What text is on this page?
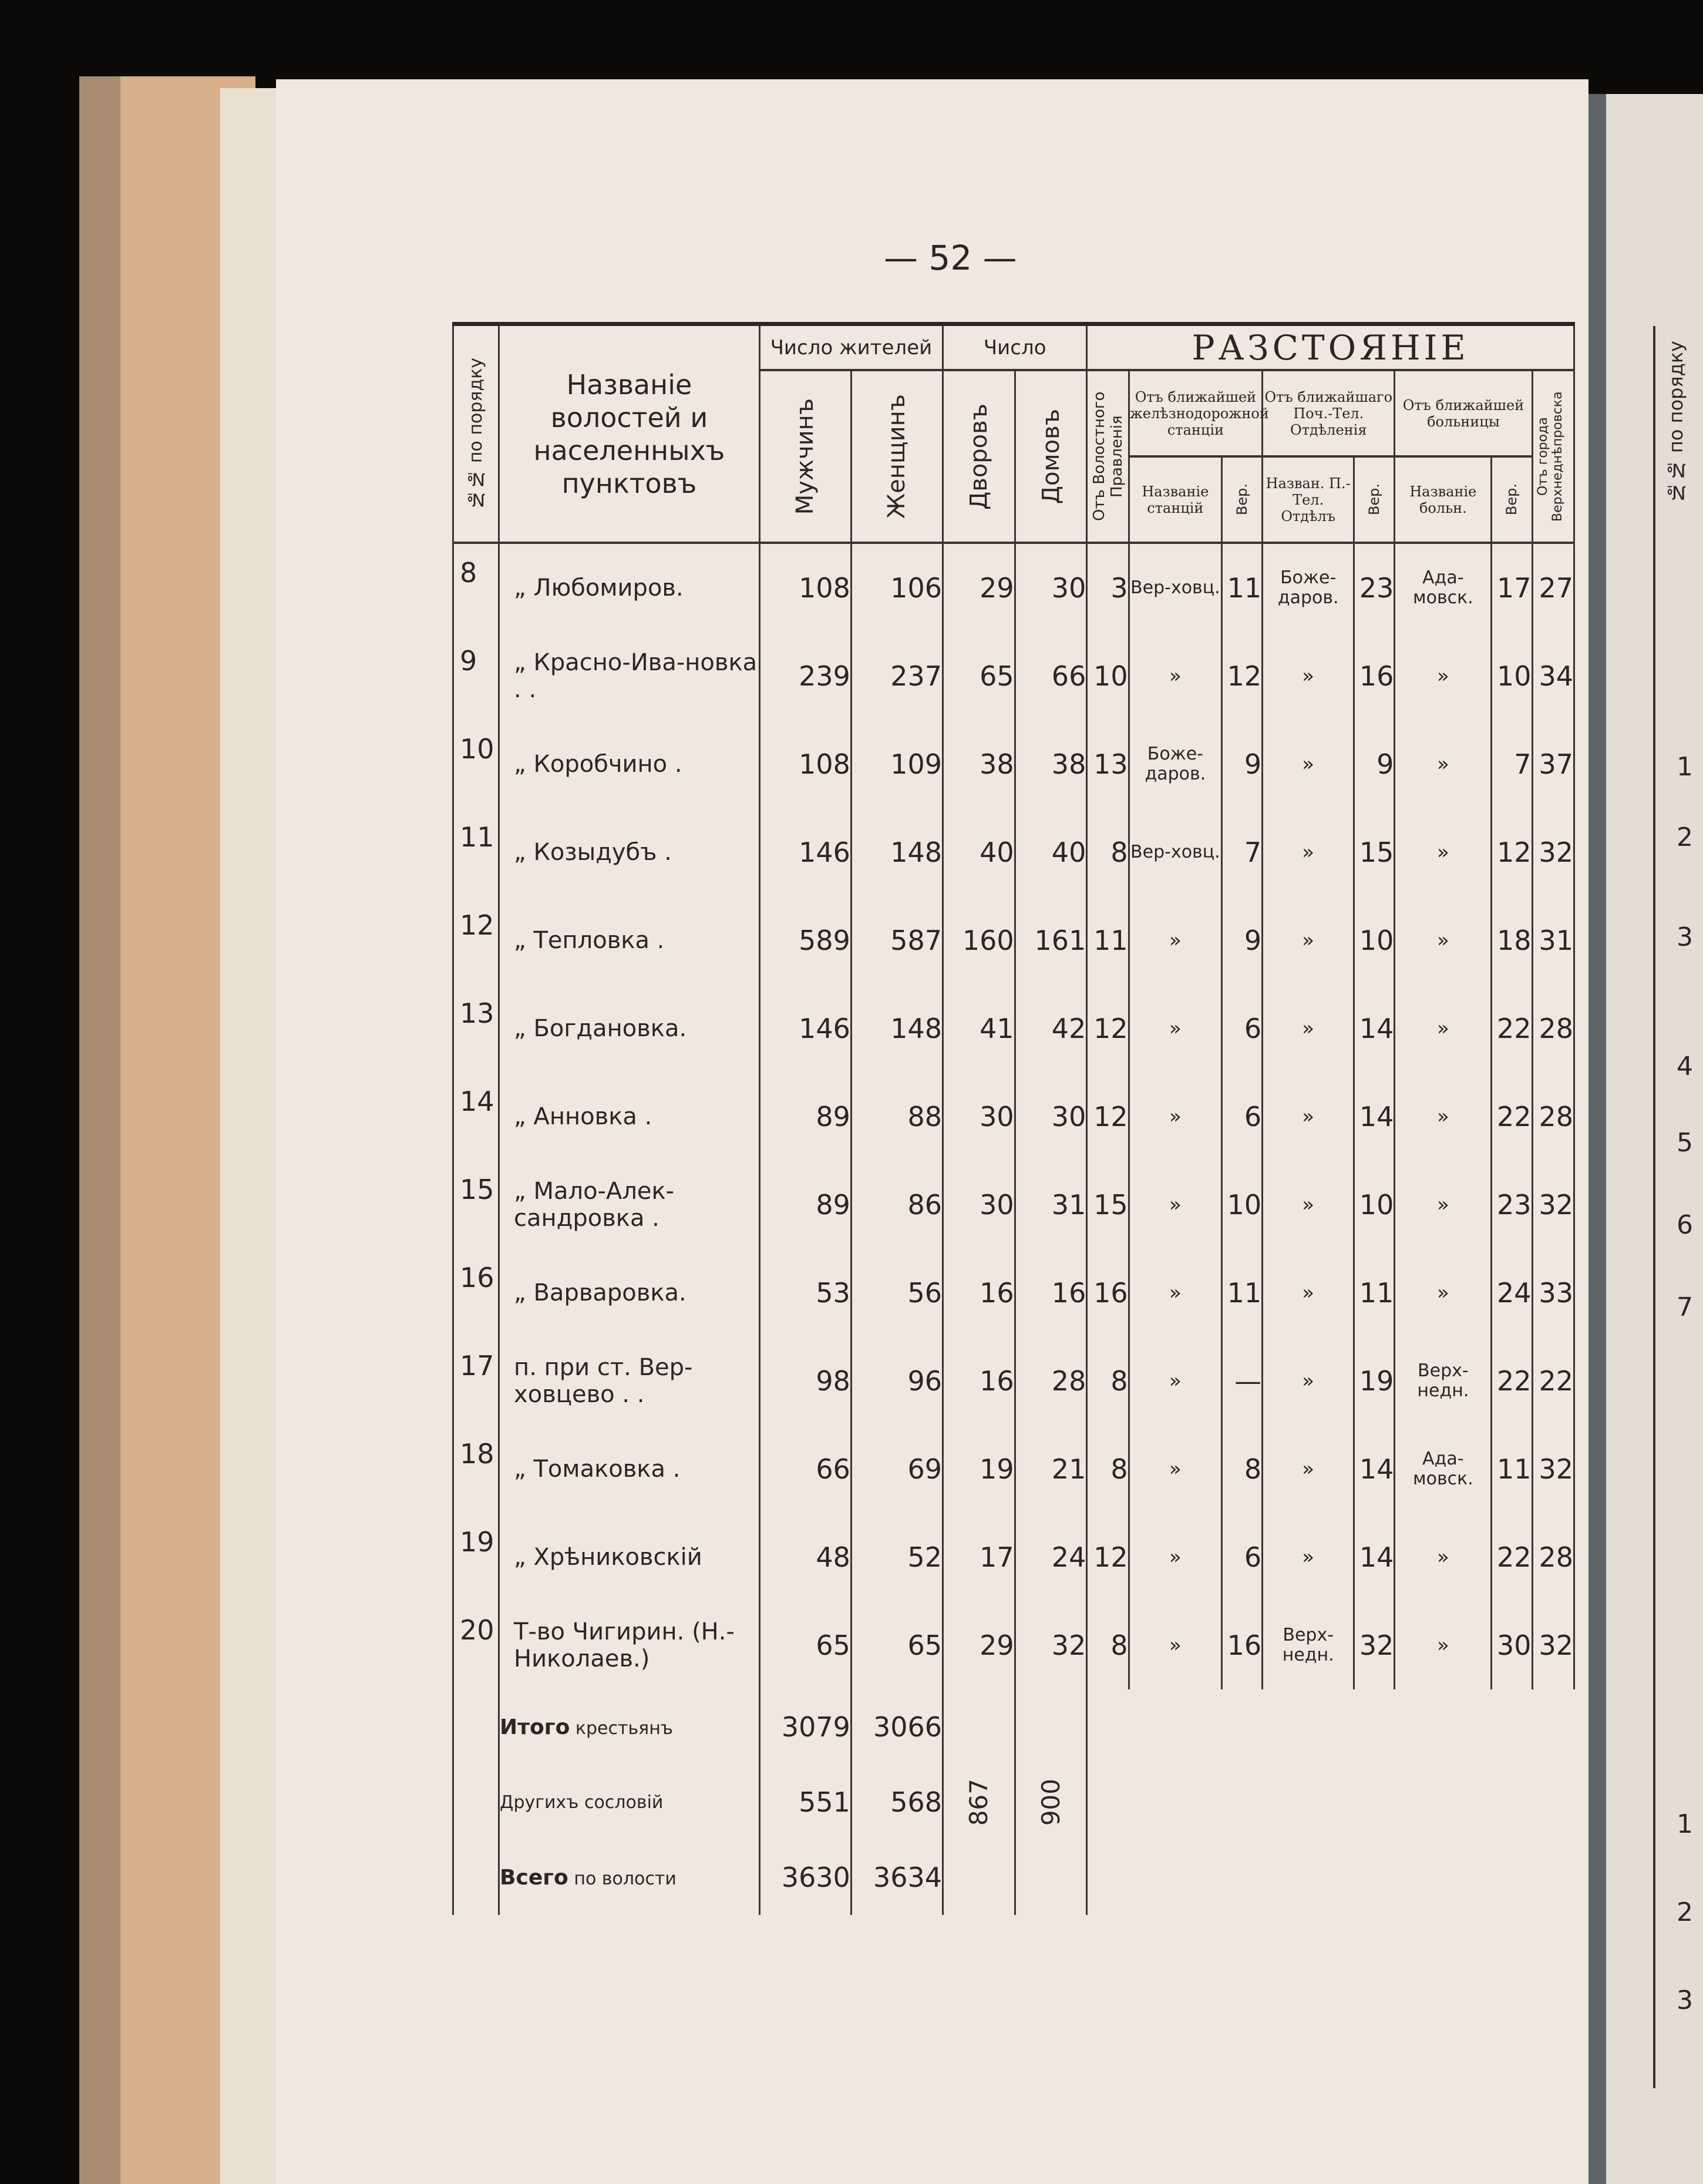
— 52 —
№№ по порядку	Названіе волостей и населенныхъ пунктовъ	Число жителей		Число		РАЗСТОЯНІЕ							

		Мужчинъ	Женщинъ	Дворовъ	Домовъ	Отъ Волостного Правленія	Отъ ближайшей желѣзнодорожной станціи		Отъ ближайшаго Поч.-Тел. Отдѣленія		Отъ ближайшей больницы		Отъ города Верхнеднѣпровска

							Названіе станцій	Вер.	Назван. П.-Тел. Отдѣлъ	Вер.	Названіе больн.	Вер.	

8	„ Любомиров.	108	106	29	30	3	Вер-ховц.	11	Боже-даров.	23	Ада-мовск.	17	27
9	„ Красно-Ива-новка . .	239	237	65	66	10	»	12	»	16	»	10	34
10	„ Коробчино .	108	109	38	38	13	Боже-даров.	9	»	9	»	7	37
11	„ Козыдубъ .	146	148	40	40	8	Вер-ховц.	7	»	15	»	12	32
12	„ Тепловка .	589	587	160	161	11	»	9	»	10	»	18	31
13	„ Богдановка.	146	148	41	42	12	»	6	»	14	»	22	28
14	„ Анновка .	89	88	30	30	12	»	6	»	14	»	22	28
15	„ Мало-Алек-сандровка .	89	86	30	31	15	»	10	»	10	»	23	32
16	„ Варваровка.	53	56	16	16	16	»	11	»	11	»	24	33
17	п. при ст. Вер-ховцево . .	98	96	16	28	8	»	—	»	19	Верх-недн.	22	22
18	„ Томаковка .	66	69	19	21	8	»	8	»	14	Ада-мовск.	11	32
19	„ Хрѣниковскій	48	52	17	24	12	»	6	»	14	»	22	28
20	Т-во Чигирин. (Н.-Николаев.)	65	65	29	32	8	»	16	Верх-недн.	32	»	30	32
	Итого крестьянъ	3079	3066	867	900								

	Другихъ сословій	551	568										
	Всего по волости	3630	3634										
№№ по порядку
1
2
3
4
5
6
7
1
2
3
